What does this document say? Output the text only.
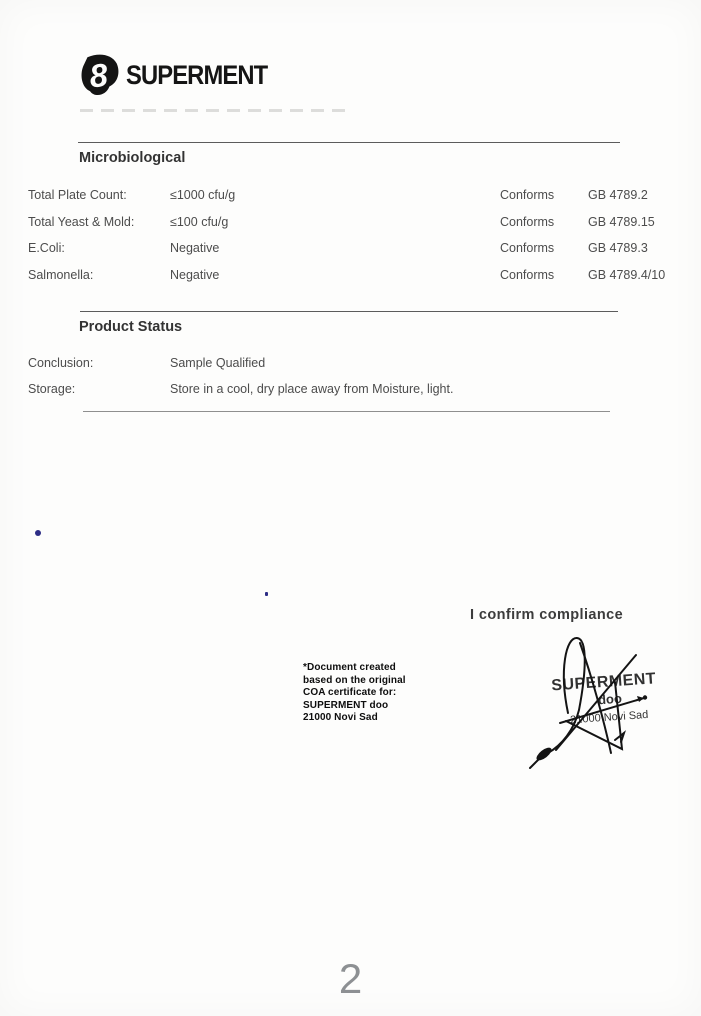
8 SUPERMENT
Microbiological
Total Plate Count:	≤1000 cfu/g	Conforms	GB 4789.2
Total Yeast & Mold:	≤100 cfu/g	Conforms	GB 4789.15
E.Coli:	Negative	Conforms	GB 4789.3
Salmonella:	Negative	Conforms	GB 4789.4/10
Product Status
Conclusion:	Sample Qualified
Storage:	Store in a cool, dry place away from Moisture, light.
I confirm compliance
*Document created
based on the original
COA certificate for:
SUPERMENT doo
21000 Novi Sad
SUPERMENT
doo
21000 Novi Sad
2
